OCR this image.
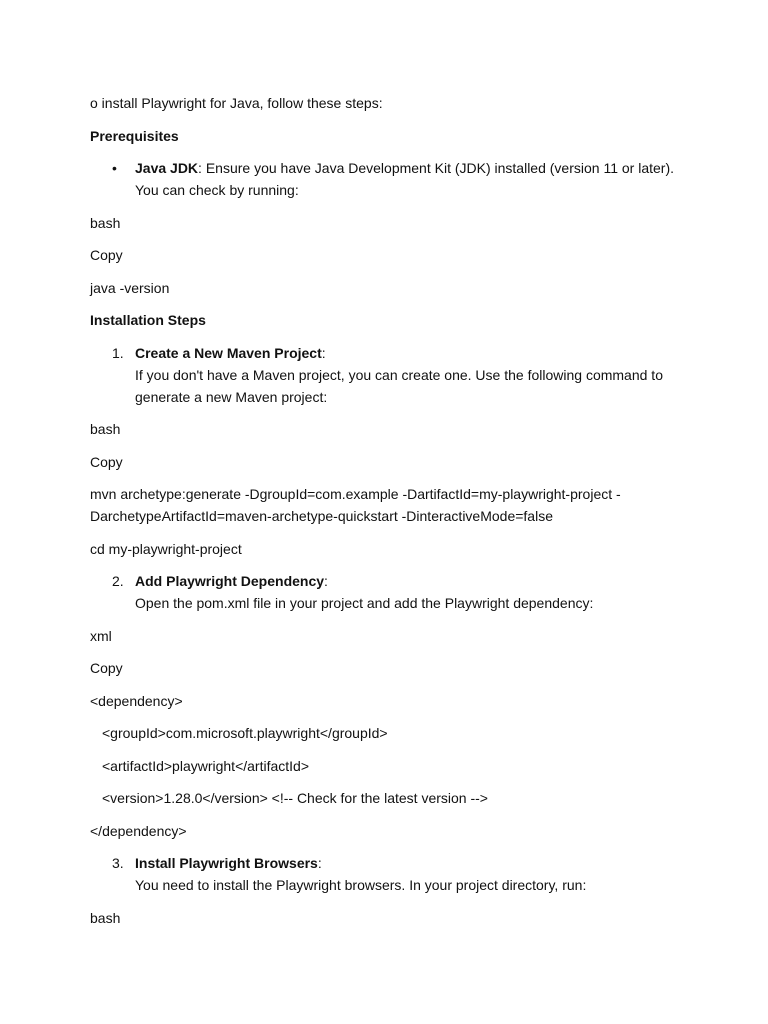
o install Playwright for Java, follow these steps:

Prerequisites

• Java JDK: Ensure you have Java Development Kit (JDK) installed (version 11 or later). You can check by running:

bash

Copy

java -version

Installation Steps

1. Create a New Maven Project:
If you don't have a Maven project, you can create one. Use the following command to generate a new Maven project:

bash

Copy

mvn archetype:generate -DgroupId=com.example -DartifactId=my-playwright-project -DarchetypeArtifactId=maven-archetype-quickstart -DinteractiveMode=false

cd my-playwright-project

2. Add Playwright Dependency:
Open the pom.xml file in your project and add the Playwright dependency:

xml

Copy

<dependency>

<groupId>com.microsoft.playwright</groupId>

<artifactId>playwright</artifactId>

<version>1.28.0</version> <!-- Check for the latest version -->

</dependency>

3. Install Playwright Browsers:
You need to install the Playwright browsers. In your project directory, run:

bash
